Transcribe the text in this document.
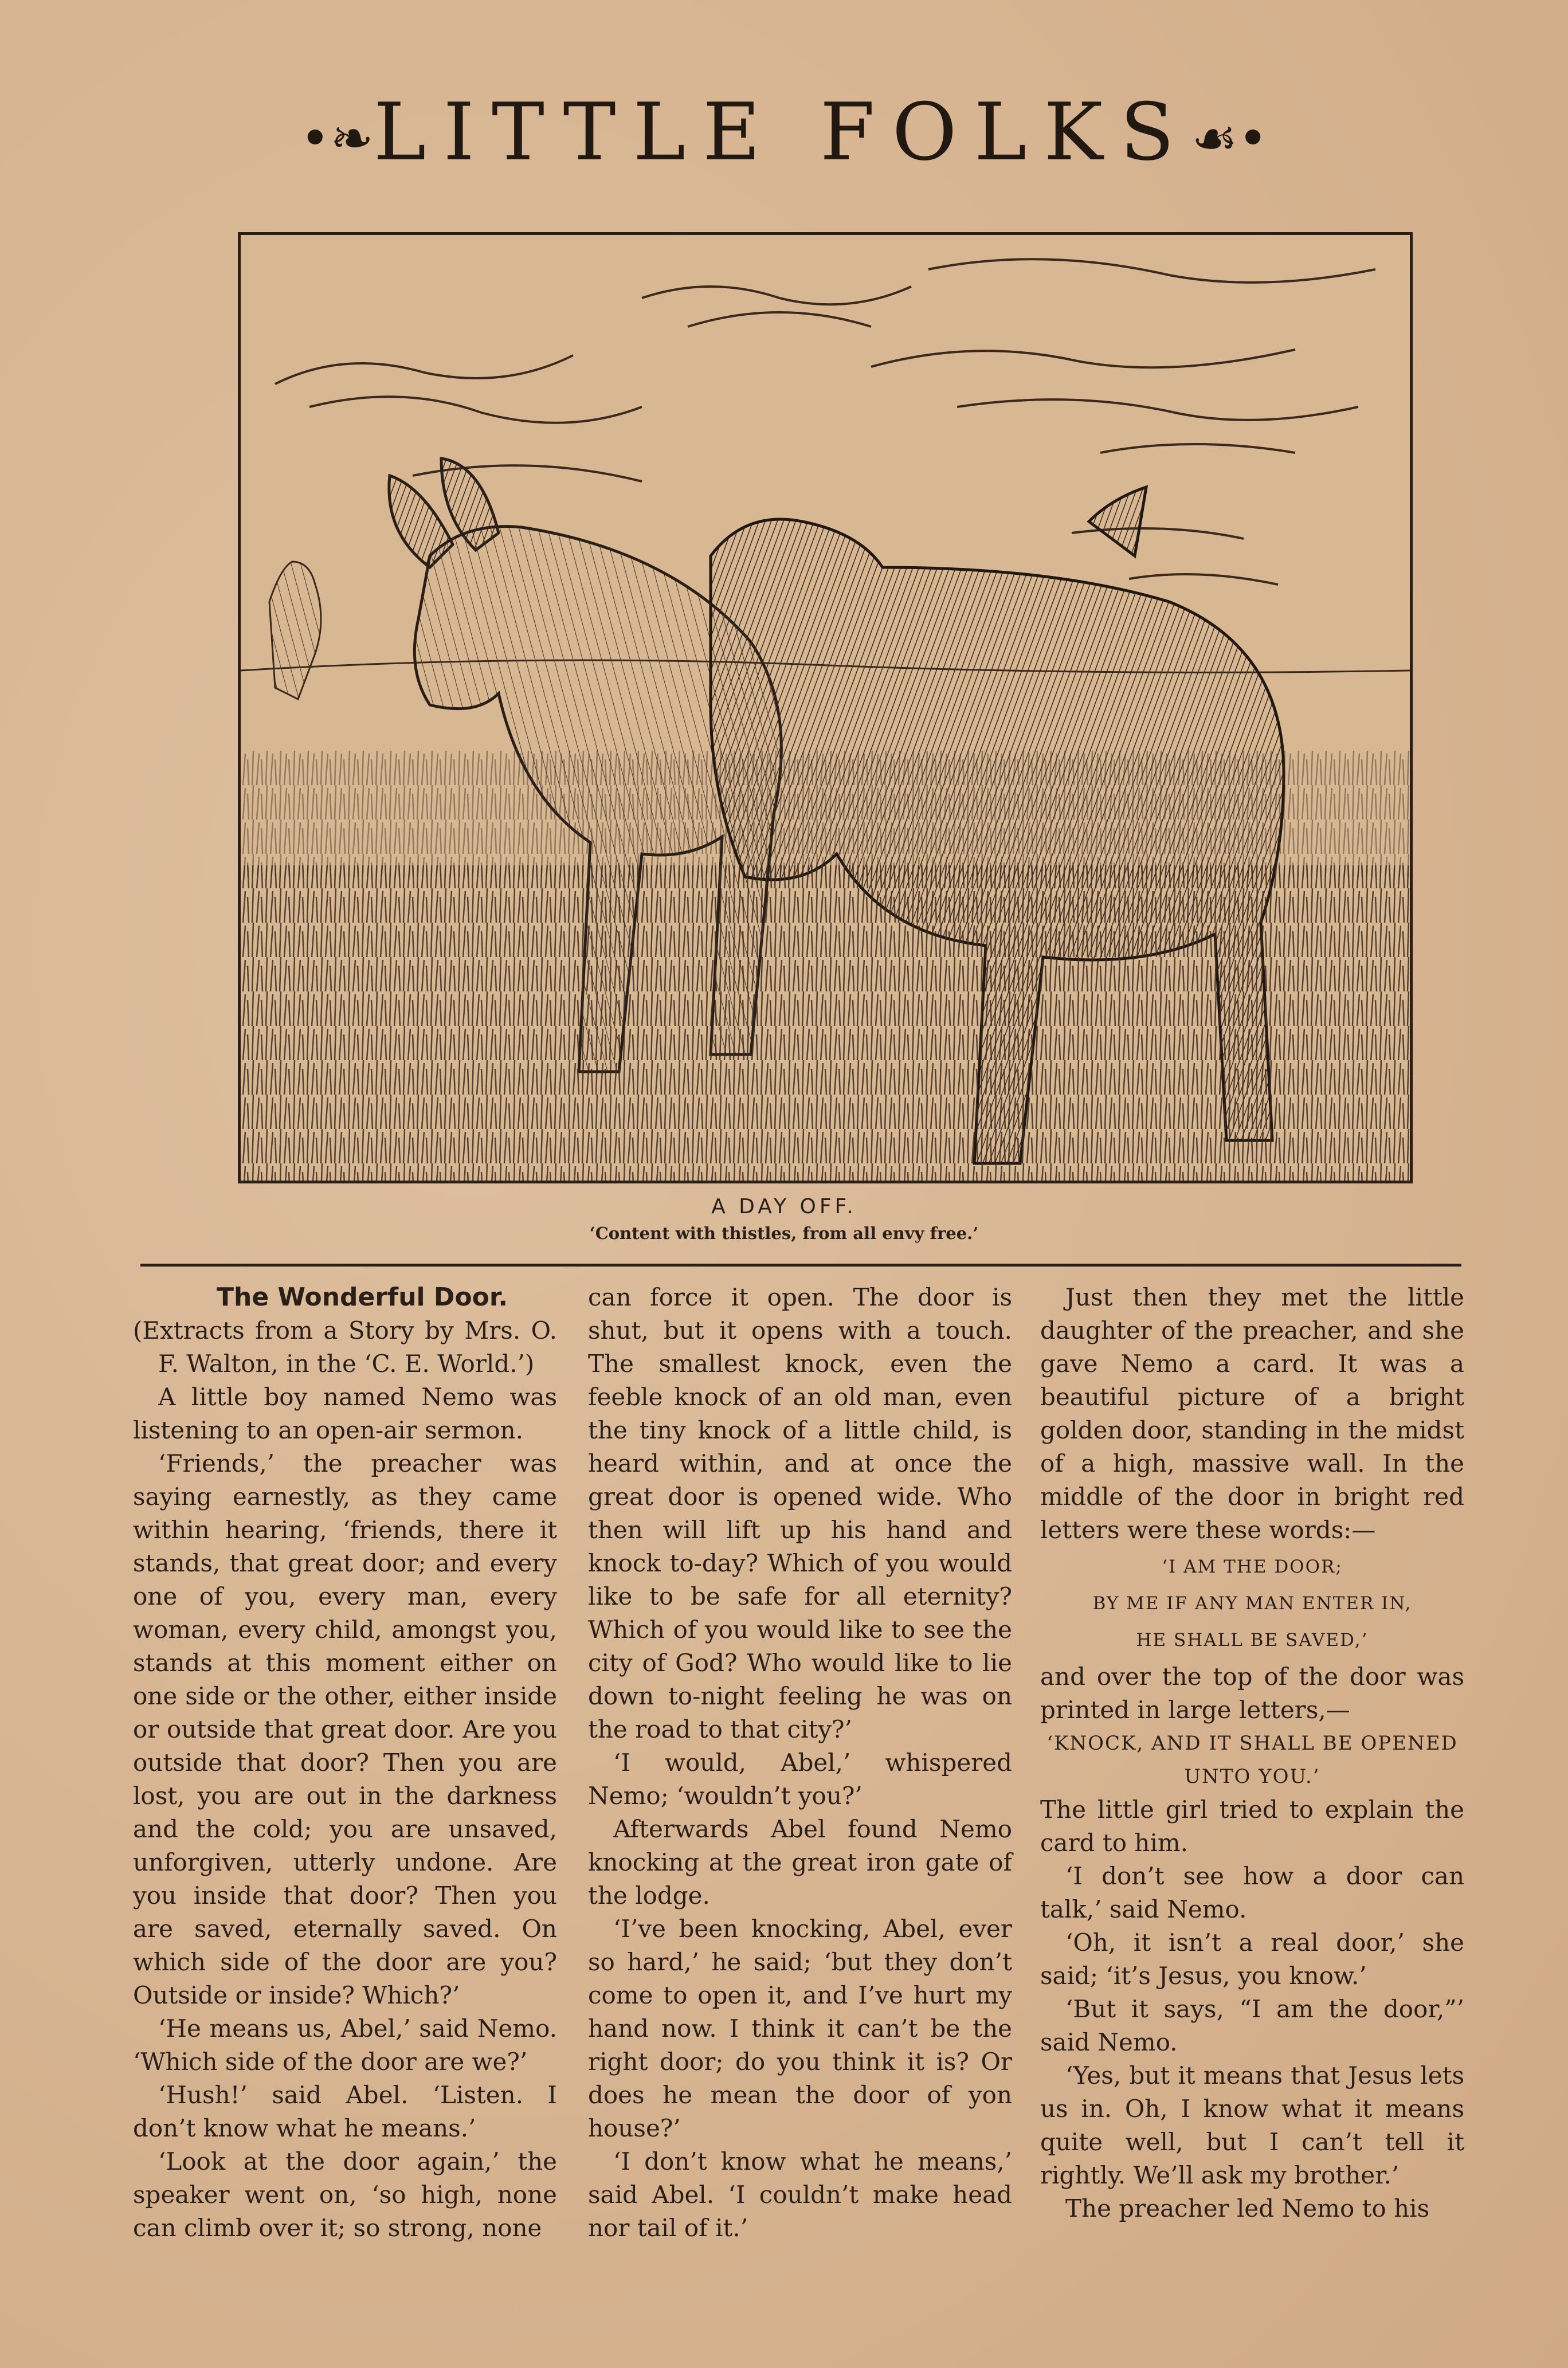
•❧LITTLE FOLKS☙•
A DAY OFF.
‘Content with thistles, from all envy free.’

The Wonderful Door.

(Extracts from a Story by Mrs. O. F. Walton, in the ‘C. E. World.’)

A little boy named Nemo was listening to an open-air sermon.

‘Friends,’ the preacher was saying earnestly, as they came within hearing, ‘friends, there it stands, that great door; and every one of you, every man, every woman, every child, amongst you, stands at this moment either on one side or the other, either inside or outside that great door. Are you outside that door? Then you are lost, you are out in the darkness and the cold; you are unsaved, unforgiven, utterly undone. Are you inside that door? Then you are saved, eternally saved. On which side of the door are you? Outside or inside? Which?’

‘He means us, Abel,’ said Nemo. ‘Which side of the door are we?’

‘Hush!’ said Abel. ‘Listen. I don’t know what he means.’

‘Look at the door again,’ the speaker went on, ‘so high, none can climb over it; so strong, none

can force it open. The door is shut, but it opens with a touch. The smallest knock, even the feeble knock of an old man, even the tiny knock of a little child, is heard within, and at once the great door is opened wide. Who then will lift up his hand and knock to-day? Which of you would like to be safe for all eternity? Which of you would like to see the city of God? Who would like to lie down to-night feeling he was on the road to that city?’

‘I would, Abel,’ whispered Nemo; ‘wouldn’t you?’

Afterwards Abel found Nemo knocking at the great iron gate of the lodge.

‘I’ve been knocking, Abel, ever so hard,’ he said; ‘but they don’t come to open it, and I’ve hurt my hand now. I think it can’t be the right door; do you think it is? Or does he mean the door of yon house?’

‘I don’t know what he means,’ said Abel. ‘I couldn’t make head nor tail of it.’

Just then they met the little daughter of the preacher, and she gave Nemo a card. It was a beautiful picture of a bright golden door, standing in the midst of a high, massive wall. In the middle of the door in bright red letters were these words:—

‘I AM THE DOOR;

BY ME IF ANY MAN ENTER IN,

HE SHALL BE SAVED,’

and over the top of the door was printed in large letters,—

‘KNOCK, AND IT SHALL BE OPENED UNTO YOU.’

The little girl tried to explain the card to him.

‘I don’t see how a door can talk,’ said Nemo.

‘Oh, it isn’t a real door,’ she said; ‘it’s Jesus, you know.’

‘But it says, “I am the door,”’ said Nemo.

‘Yes, but it means that Jesus lets us in. Oh, I know what it means quite well, but I can’t tell it rightly. We’ll ask my brother.’

The preacher led Nemo to his
